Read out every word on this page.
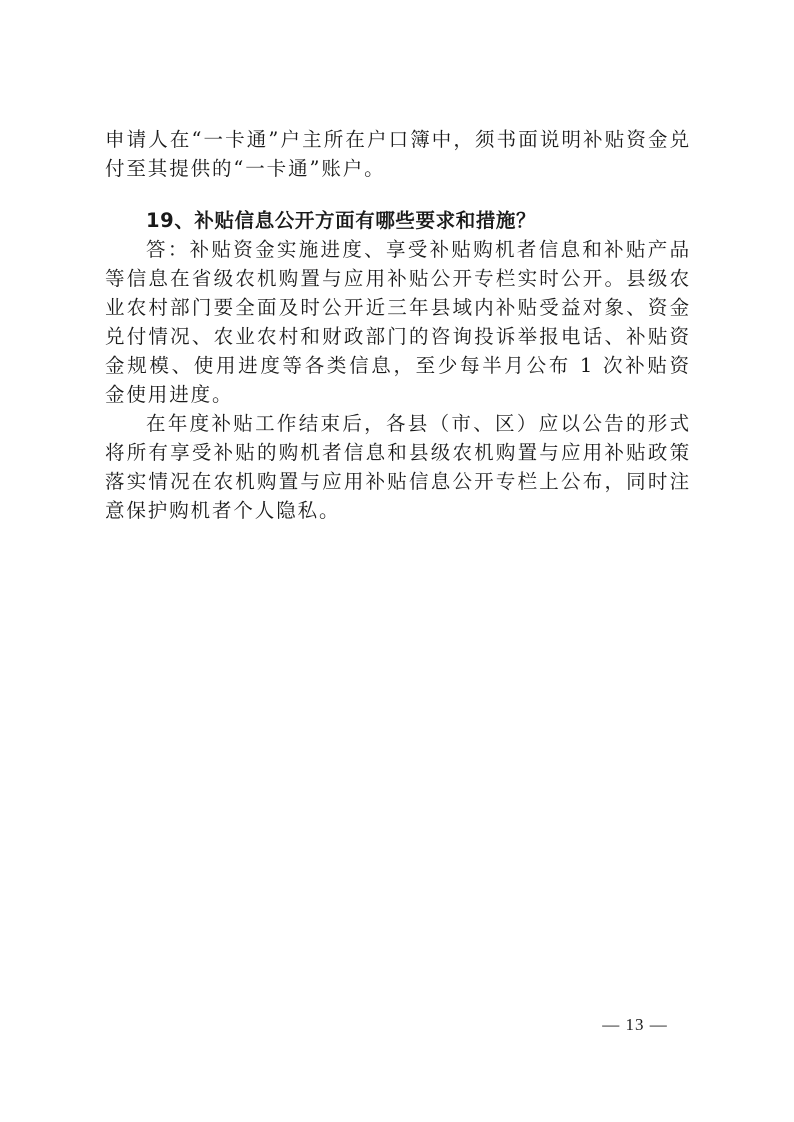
申请人在“一卡通”户主所在户口簿中，须书面说明补贴资金兑付至其提供的“一卡通”账户。

19、补贴信息公开方面有哪些要求和措施？

答：补贴资金实施进度、享受补贴购机者信息和补贴产品等信息在省级农机购置与应用补贴公开专栏实时公开。县级农业农村部门要全面及时公开近三年县域内补贴受益对象、资金兑付情况、农业农村和财政部门的咨询投诉举报电话、补贴资金规模、使用进度等各类信息，至少每半月公布 1 次补贴资金使用进度。

在年度补贴工作结束后，各县（市、区）应以公告的形式将所有享受补贴的购机者信息和县级农机购置与应用补贴政策落实情况在农机购置与应用补贴信息公开专栏上公布，同时注意保护购机者个人隐私。

— 13 —
